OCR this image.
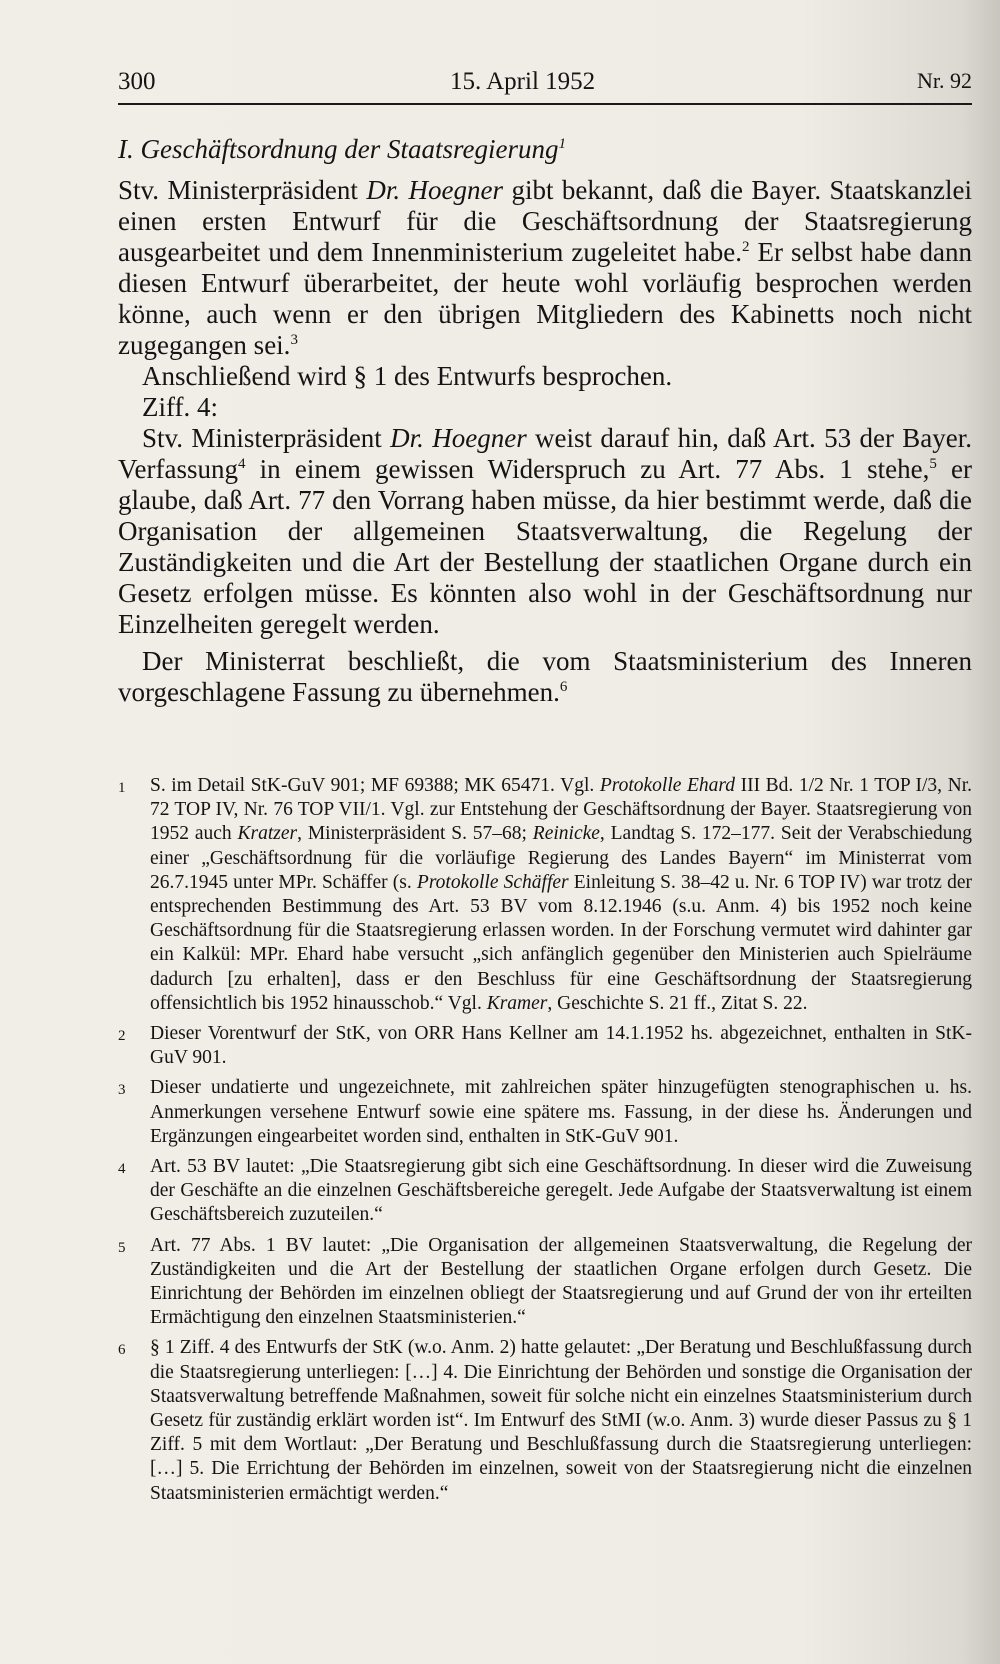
300	15. April 1952	Nr. 92

I. Geschäftsordnung der Staatsregierung$^1$

Stv. Ministerpräsident Dr. Hoegner gibt bekannt, daß die Bayer. Staatskanzlei einen ersten Entwurf für die Geschäftsordnung der Staatsregierung ausgearbeitet und dem Innenministerium zugeleitet habe.$^2$ Er selbst habe dann diesen Entwurf überarbeitet, der heute wohl vorläufig besprochen werden könne, auch wenn er den übrigen Mitgliedern des Kabinetts noch nicht zugegangen sei.$^3$

Anschließend wird § 1 des Entwurfs besprochen.

Ziff. 4:

Stv. Ministerpräsident Dr. Hoegner weist darauf hin, daß Art. 53 der Bayer. Verfassung$^4$ in einem gewissen Widerspruch zu Art. 77 Abs. 1 stehe,$^5$ er glaube, daß Art. 77 den Vorrang haben müsse, da hier bestimmt werde, daß die Organisation der allgemeinen Staatsverwaltung, die Regelung der Zuständigkeiten und die Art der Bestellung der staatlichen Organe durch ein Gesetz erfolgen müsse. Es könnten also wohl in der Geschäftsordnung nur Einzelheiten geregelt werden.

Der Ministerrat beschließt, die vom Staatsministerium des Inneren vorgeschlagene Fassung zu übernehmen.$^6$

1 S. im Detail StK-GuV 901; MF 69388; MK 65471. Vgl. Protokolle Ehard III Bd. 1/2 Nr. 1 TOP I/3, Nr. 72 TOP IV, Nr. 76 TOP VII/1. Vgl. zur Entstehung der Geschäftsordnung der Bayer. Staatsregierung von 1952 auch Kratzer, Ministerpräsident S. 57–68; Reinicke, Landtag S. 172–177. Seit der Verabschiedung einer „Geschäftsordnung für die vorläufige Regierung des Landes Bayern“ im Ministerrat vom 26.7.1945 unter MPr. Schäffer (s. Protokolle Schäffer Einleitung S. 38–42 u. Nr. 6 TOP IV) war trotz der entsprechenden Bestimmung des Art. 53 BV vom 8.12.1946 (s.u. Anm. 4) bis 1952 noch keine Geschäftsordnung für die Staatsregierung erlassen worden. In der Forschung vermutet wird dahinter gar ein Kalkül: MPr. Ehard habe versucht „sich anfänglich gegenüber den Ministerien auch Spielräume dadurch [zu erhalten], dass er den Beschluss für eine Geschäftsordnung der Staatsregierung offensichtlich bis 1952 hinausschob.“ Vgl. Kramer, Geschichte S. 21 ff., Zitat S. 22.
2 Dieser Vorentwurf der StK, von ORR Hans Kellner am 14.1.1952 hs. abgezeichnet, enthalten in StK-GuV 901.
3 Dieser undatierte und ungezeichnete, mit zahlreichen später hinzugefügten stenographischen u. hs. Anmerkungen versehene Entwurf sowie eine spätere ms. Fassung, in der diese hs. Änderungen und Ergänzungen eingearbeitet worden sind, enthalten in StK-GuV 901.
4 Art. 53 BV lautet: „Die Staatsregierung gibt sich eine Geschäftsordnung. In dieser wird die Zuweisung der Geschäfte an die einzelnen Geschäftsbereiche geregelt. Jede Aufgabe der Staatsverwaltung ist einem Geschäftsbereich zuzuteilen.“
5 Art. 77 Abs. 1 BV lautet: „Die Organisation der allgemeinen Staatsverwaltung, die Regelung der Zuständigkeiten und die Art der Bestellung der staatlichen Organe erfolgen durch Gesetz. Die Einrichtung der Behörden im einzelnen obliegt der Staatsregierung und auf Grund der von ihr erteilten Ermächtigung den einzelnen Staatsministerien.“
6 § 1 Ziff. 4 des Entwurfs der StK (w.o. Anm. 2) hatte gelautet: „Der Beratung und Beschlußfassung durch die Staatsregierung unterliegen: […] 4. Die Einrichtung der Behörden und sonstige die Organisation der Staatsverwaltung betreffende Maßnahmen, soweit für solche nicht ein einzelnes Staatsministerium durch Gesetz für zuständig erklärt worden ist“. Im Entwurf des StMI (w.o. Anm. 3) wurde dieser Passus zu § 1 Ziff. 5 mit dem Wortlaut: „Der Beratung und Beschlußfassung durch die Staatsregierung unterliegen: […] 5. Die Errichtung der Behörden im einzelnen, soweit von der Staatsregierung nicht die einzelnen Staatsministerien ermächtigt werden.“
